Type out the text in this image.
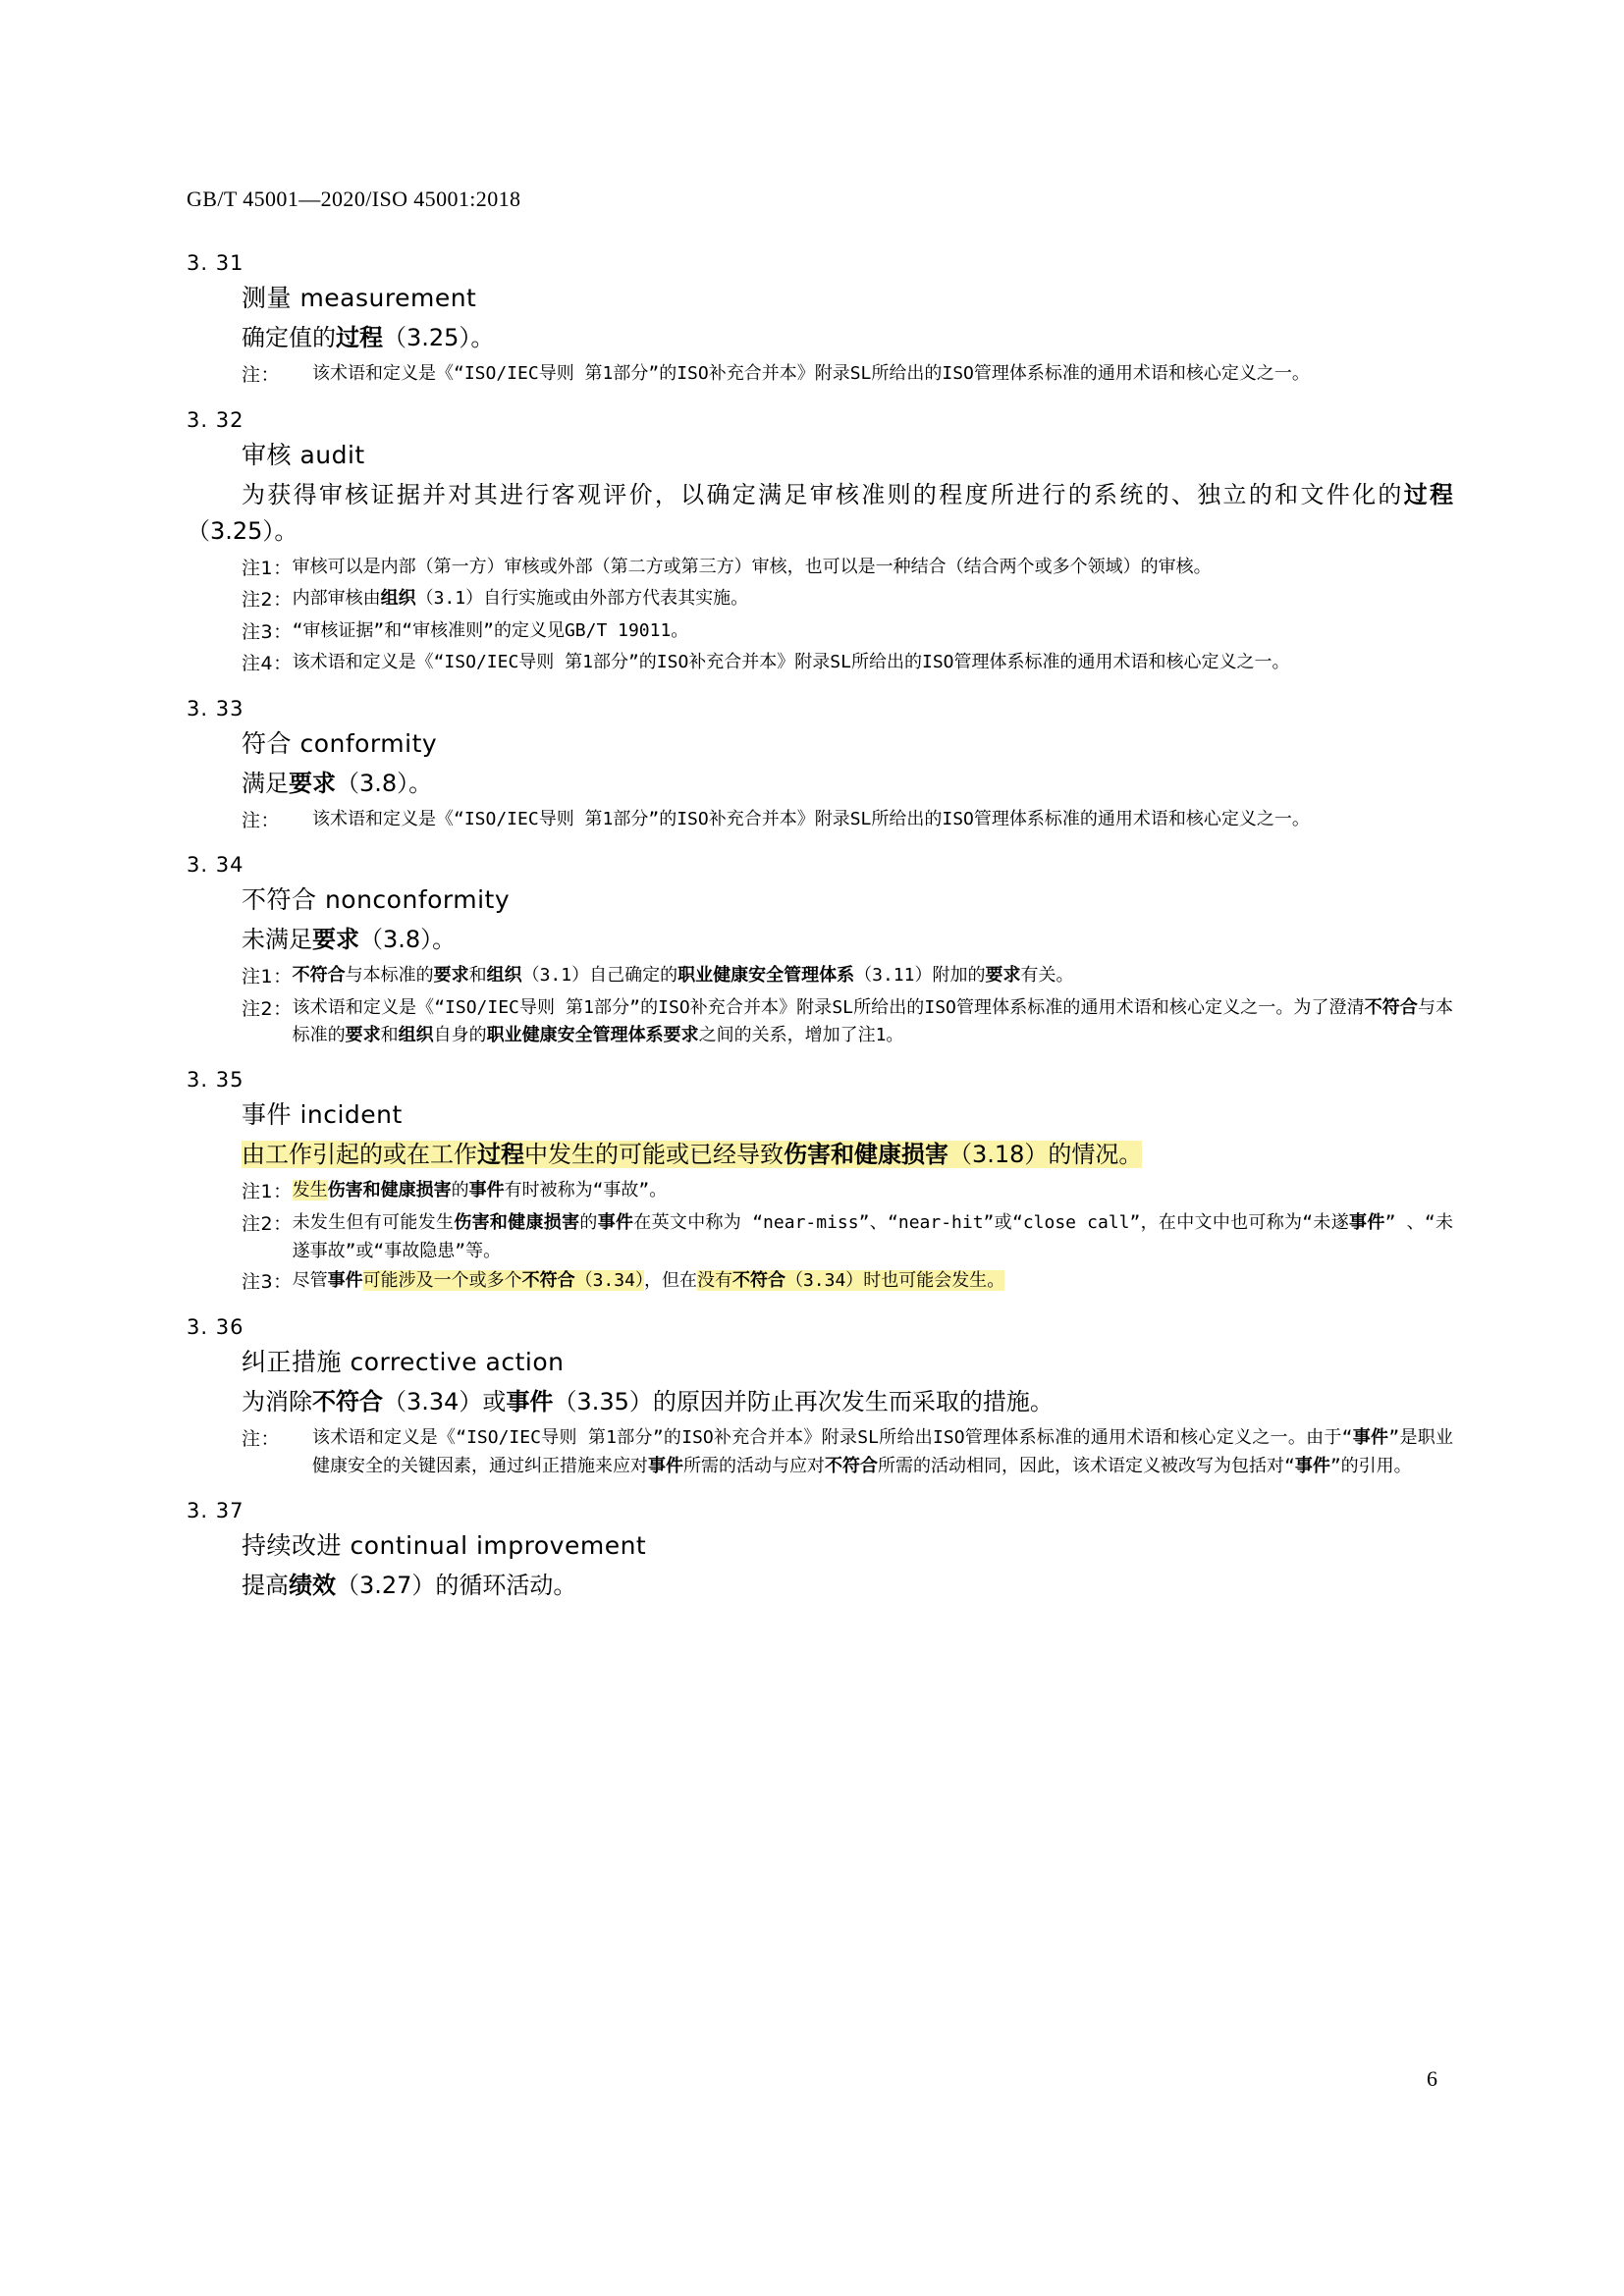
GB/T 45001—2020/ISO 45001:2018
3. 31
测量 measurement
确定值的过程（3.25）。
注：	该术语和定义是《“ISO/IEC导则 第1部分”的ISO补充合并本》附录SL所给出的ISO管理体系标准的通用术语和核心定义之一。
3. 32
审核 audit
为获得审核证据并对其进行客观评价，以确定满足审核准则的程度所进行的系统的、独立的和文件化的过程（3.25）。
注1： 审核可以是内部（第一方）审核或外部（第二方或第三方）审核，也可以是一种结合（结合两个或多个领域）的审核。
注2： 内部审核由组织（3.1）自行实施或由外部方代表其实施。
注3： “审核证据”和“审核准则”的定义见GB/T 19011。
注4： 该术语和定义是《“ISO/IEC导则 第1部分”的ISO补充合并本》附录SL所给出的ISO管理体系标准的通用术语和核心定义之一。
3. 33
符合 conformity
满足要求（3.8）。
注：	该术语和定义是《“ISO/IEC导则 第1部分”的ISO补充合并本》附录SL所给出的ISO管理体系标准的通用术语和核心定义之一。
3. 34
不符合 nonconformity
未满足要求（3.8）。
注1： 不符合与本标准的要求和组织（3.1）自己确定的职业健康安全管理体系（3.11）附加的要求有关。
注2： 该术语和定义是《“ISO/IEC导则 第1部分”的ISO补充合并本》附录SL所给出的ISO管理体系标准的通用术语和核心定义之一。为了澄清不符合与本标准的要求和组织自身的职业健康安全管理体系要求之间的关系，增加了注1。
3. 35
事件 incident
由工作引起的或在工作过程中发生的可能或已经导致伤害和健康损害（3.18）的情况。
注1： 发生伤害和健康损害的事件有时被称为“事故”。
注2： 未发生但有可能发生伤害和健康损害的事件在英文中称为 “near-miss”、“near-hit”或“close call”，在中文中也可称为“未遂事件” 、“未遂事故”或“事故隐患”等。
注3： 尽管事件可能涉及一个或多个不符合（3.34），但在没有不符合（3.34）时也可能会发生。
3. 36
纠正措施 corrective action
为消除不符合（3.34）或事件（3.35）的原因并防止再次发生而采取的措施。
注：	该术语和定义是《“ISO/IEC导则 第1部分”的ISO补充合并本》附录SL所给出ISO管理体系标准的通用术语和核心定义之一。由于“事件”是职业健康安全的关键因素，通过纠正措施来应对事件所需的活动与应对不符合所需的活动相同，因此，该术语定义被改写为包括对“事件”的引用。
3. 37
持续改进 continual improvement
提高绩效（3.27）的循环活动。
6
